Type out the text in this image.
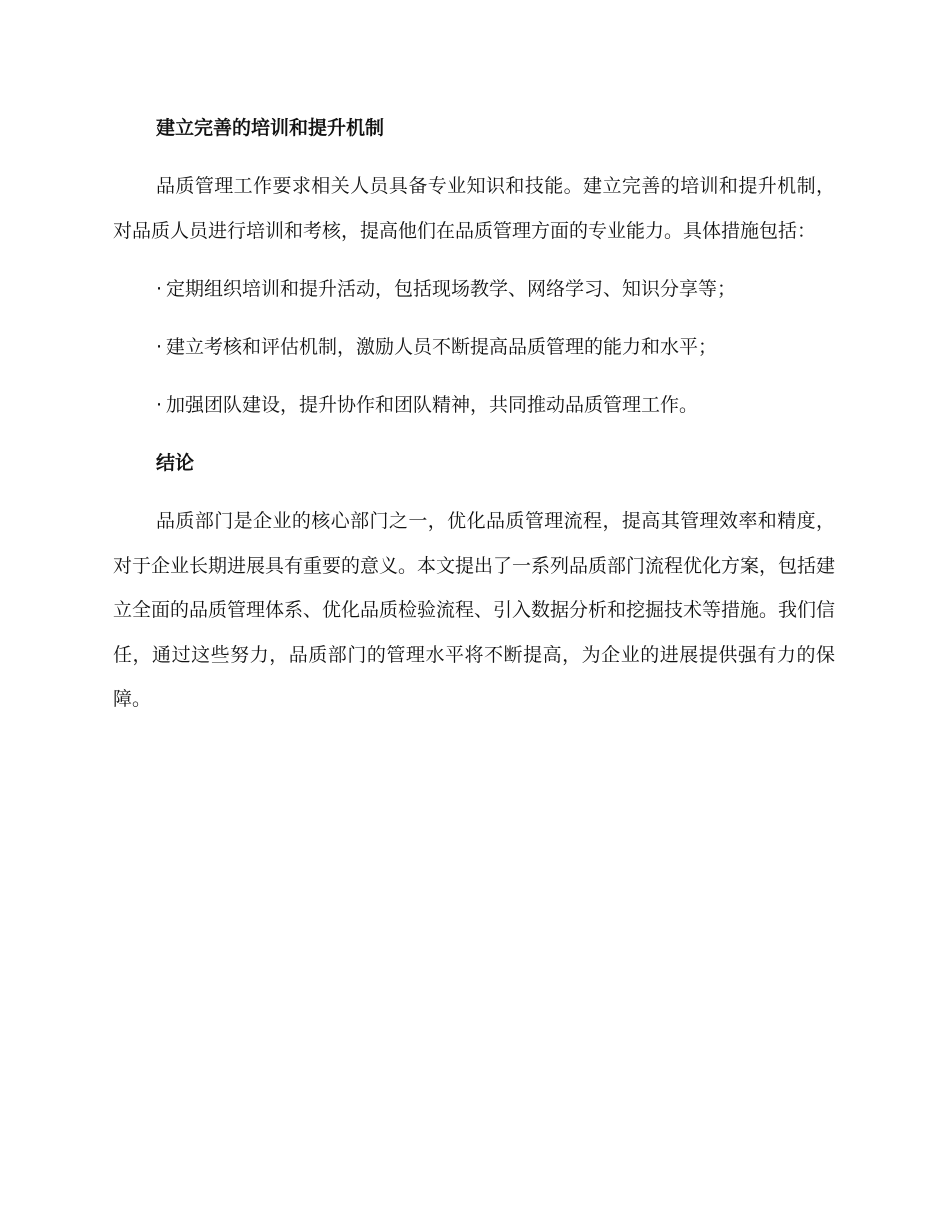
建立完善的培训和提升机制
品质管理工作要求相关人员具备专业知识和技能。建立完善的培训和提升机制，对品质人员进行培训和考核，提高他们在品质管理方面的专业能力。具体措施包括：
· 定期组织培训和提升活动，包括现场教学、网络学习、知识分享等；
· 建立考核和评估机制，激励人员不断提高品质管理的能力和水平；
· 加强团队建设，提升协作和团队精神，共同推动品质管理工作。
结论
品质部门是企业的核心部门之一，优化品质管理流程，提高其管理效率和精度，对于企业长期进展具有重要的意义。本文提出了一系列品质部门流程优化方案，包括建立全面的品质管理体系、优化品质检验流程、引入数据分析和挖掘技术等措施。我们信任，通过这些努力，品质部门的管理水平将不断提高，为企业的进展提供强有力的保障。
